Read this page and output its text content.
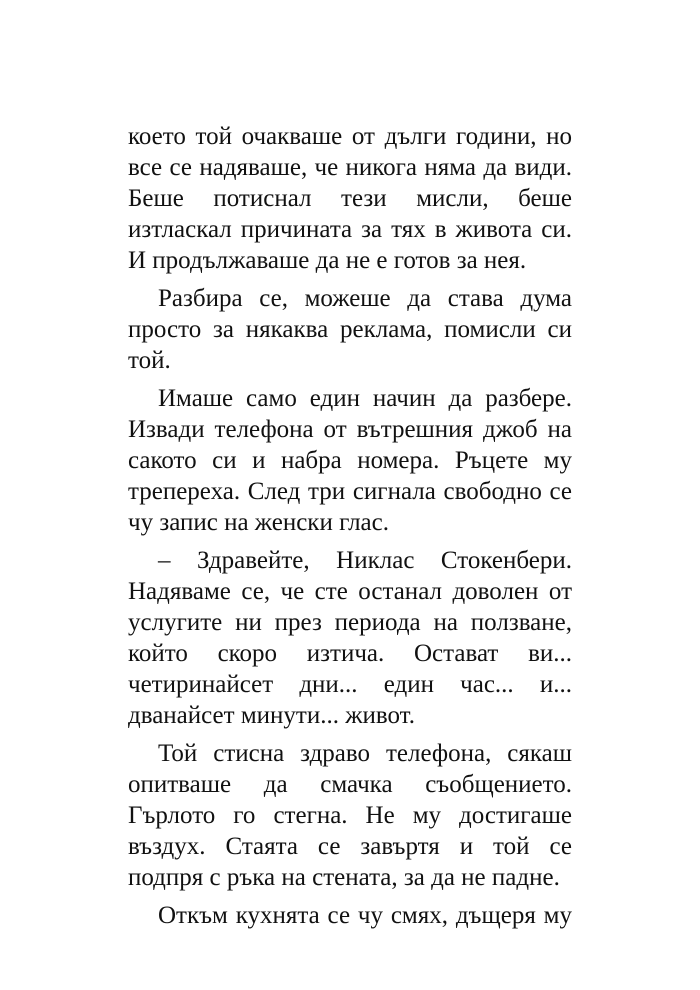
което той очакваше от дълги години, но
все се надяваше, че никога няма да види.
Беше потиснал тези мисли, беше
изтласкал причината за тях в живота си.
И продължаваше да не е готов за нея.

Разбира се, можеше да става дума
просто за някаква реклама, помисли си
той.

Имаше само един начин да разбере.
Извади телефона от вътрешния джоб на
сакото си и набра номера. Ръцете му
трепереха. След три сигнала свободно се
чу запис на женски глас.

– Здравейте, Никлас Стокенбери.
Надяваме се, че сте останал доволен от
услугите ни през периода на ползване,
който скоро изтича. Остават ви...
четиринайсет дни... един час... и...
дванайсет минути... живот.

Той стисна здраво телефона, сякаш
опитваше да смачка съобщението.
Гърлото го стегна. Не му достигаше
въздух. Стаята се завъртя и той се
подпря с ръка на стената, за да не падне.

Откъм кухнята се чу смях, дъщеря му
